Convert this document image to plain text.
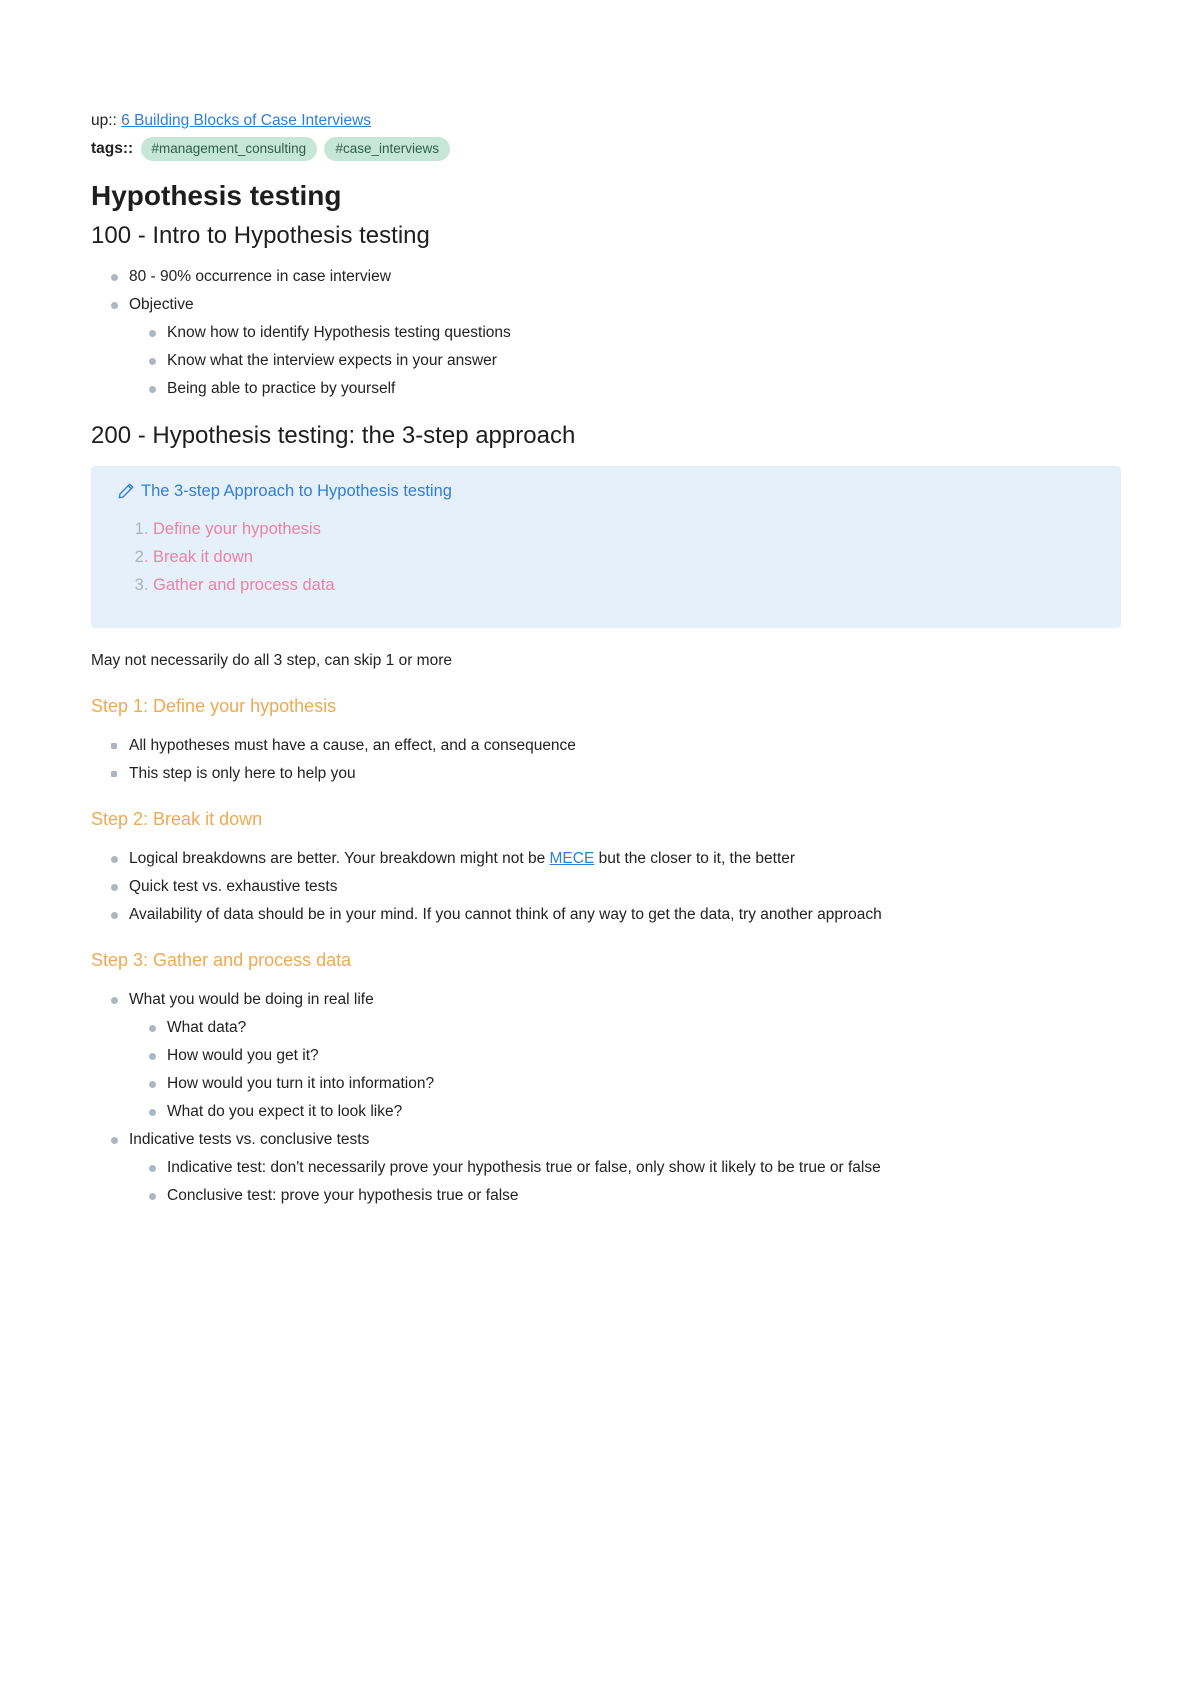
up:: 6 Building Blocks of Case Interviews
tags:: #management_consulting #case_interviews
Hypothesis testing
100 - Intro to Hypothesis testing
80 - 90% occurrence in case interview
Objective
Know how to identify Hypothesis testing questions
Know what the interview expects in your answer
Being able to practice by yourself
200 - Hypothesis testing: the 3-step approach
The 3-step Approach to Hypothesis testing
1. Define your hypothesis
2. Break it down
3. Gather and process data

May not necessarily do all 3 step, can skip 1 or more

Step 1: Define your hypothesis
All hypotheses must have a cause, an effect, and a consequence
This step is only here to help you
Step 2: Break it down
Logical breakdowns are better. Your breakdown might not be MECE but the closer to it, the better
Quick test vs. exhaustive tests
Availability of data should be in your mind. If you cannot think of any way to get the data, try another approach
Step 3: Gather and process data
What you would be doing in real life
What data?
How would you get it?
How would you turn it into information?
What do you expect it to look like?
Indicative tests vs. conclusive tests
Indicative test: don't necessarily prove your hypothesis true or false, only show it likely to be true or false
Conclusive test: prove your hypothesis true or false
